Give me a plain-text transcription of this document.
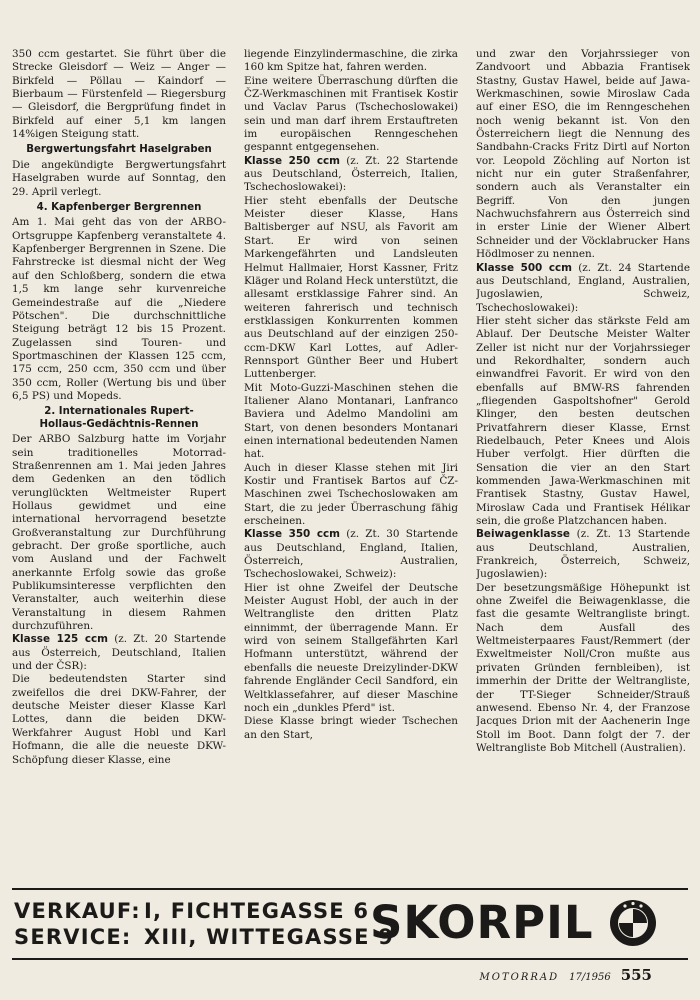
350 ccm gestartet. Sie führt über die Strecke Gleisdorf — Weiz — Anger — Birkfeld — Pöllau — Kaindorf — Bierbaum — Fürstenfeld — Riegersburg — Gleisdorf, die Bergprüfung findet in Birkfeld auf einer 5,1 km langen 14%igen Steigung statt.

Bergwertungsfahrt Haselgraben

Die angekündigte Bergwertungsfahrt Haselgraben wurde auf Sonntag, den 29. April verlegt.

4. Kapfenberger Bergrennen

Am 1. Mai geht das von der ARBO-Ortsgruppe Kapfenberg veranstaltete 4. Kapfenberger Bergrennen in Szene. Die Fahrstrecke ist diesmal nicht der Weg auf den Schloßberg, sondern die etwa 1,5 km lange sehr kurvenreiche Gemeindestraße auf die „Niedere Pötschen". Die durchschnittliche Steigung beträgt 12 bis 15 Prozent. Zugelassen sind Touren- und Sportmaschinen der Klassen 125 ccm, 175 ccm, 250 ccm, 350 ccm und über 350 ccm, Roller (Wertung bis und über 6,5 PS) und Mopeds.

2. Internationales Rupert-
Hollaus-Gedächtnis-Rennen

Der ARBO Salzburg hatte im Vorjahr sein traditionelles Motorrad-Straßenrennen am 1. Mai jeden Jahres dem Gedenken an den tödlich verunglückten Weltmeister Rupert Hollaus gewidmet und eine international hervorragend besetzte Großveranstaltung zur Durchführung gebracht. Der große sportliche, auch vom Ausland und der Fachwelt anerkannte Erfolg sowie das große Publikumsinteresse verpflichten den Veranstalter, auch weiterhin diese Veranstaltung in diesem Rahmen durchzuführen.

Klasse 125 ccm (z. Zt. 20 Startende aus Österreich, Deutschland, Italien und der ČSR):

Die bedeutendsten Starter sind zweifellos die drei DKW-Fahrer, der deutsche Meister dieser Klasse Karl Lottes, dann die beiden DKW-Werkfahrer August Hobl und Karl Hofmann, die alle die neueste DKW-Schöpfung dieser Klasse, eine

liegende Einzylindermaschine, die zirka 160 km Spitze hat, fahren werden.

Eine weitere Überraschung dürften die ČZ-Werkmaschinen mit Frantisek Kostir und Vaclav Parus (Tschechoslowakei) sein und man darf ihrem Erstauftreten im europäischen Renngeschehen gespannt entgegensehen.

Klasse 250 ccm (z. Zt. 22 Startende aus Deutschland, Österreich, Italien, Tschechoslowakei):

Hier steht ebenfalls der Deutsche Meister dieser Klasse, Hans Baltisberger auf NSU, als Favorit am Start. Er wird von seinen Markengefährten und Landsleuten Helmut Hallmaier, Horst Kassner, Fritz Kläger und Roland Heck unterstützt, die allesamt erstklassige Fahrer sind. An weiteren fahrerisch und technisch erstklassigen Konkurrenten kommen aus Deutschland auf der einzigen 250-ccm-DKW Karl Lottes, auf Adler-Rennsport Günther Beer und Hubert Luttenberger.

Mit Moto-Guzzi-Maschinen stehen die Italiener Alano Montanari, Lanfranco Baviera und Adelmo Mandolini am Start, von denen besonders Montanari einen international bedeutenden Namen hat.

Auch in dieser Klasse stehen mit Jiri Kostir und Frantisek Bartos auf ČZ-Maschinen zwei Tschechoslowaken am Start, die zu jeder Überraschung fähig erscheinen.

Klasse 350 ccm (z. Zt. 30 Startende aus Deutschland, England, Italien, Österreich, Australien, Tschechoslowakei, Schweiz):

Hier ist ohne Zweifel der Deutsche Meister August Hobl, der auch in der Weltrangliste den dritten Platz einnimmt, der überragende Mann. Er wird von seinem Stallgefährten Karl Hofmann unterstützt, während der ebenfalls die neueste Dreizylinder-DKW fahrende Engländer Cecil Sandford, ein Weltklassefahrer, auf dieser Maschine noch ein „dunkles Pferd" ist.

Diese Klasse bringt wieder Tschechen an den Start,

und zwar den Vorjahrssieger von Zandvoort und Abbazia Frantisek Stastny, Gustav Hawel, beide auf Jawa-Werkmaschinen, sowie Miroslaw Cada auf einer ESO, die im Renngeschehen noch wenig bekannt ist. Von den Österreichern liegt die Nennung des Sandbahn-Cracks Fritz Dirtl auf Norton vor. Leopold Zöchling auf Norton ist nicht nur ein guter Straßenfahrer, sondern auch als Veranstalter ein Begriff. Von den jungen Nachwuchsfahrern aus Österreich sind in erster Linie der Wiener Albert Schneider und der Vöcklabrucker Hans Hödlmoser zu nennen.

Klasse 500 ccm (z. Zt. 24 Startende aus Deutschland, England, Australien, Jugoslawien, Schweiz, Tschechoslowakei):

Hier steht sicher das stärkste Feld am Ablauf. Der Deutsche Meister Walter Zeller ist nicht nur der Vorjahrssieger und Rekordhalter, sondern auch einwandfrei Favorit. Er wird von den ebenfalls auf BMW-RS fahrenden „fliegenden Gaspoltshofner" Gerold Klinger, den besten deutschen Privatfahrern dieser Klasse, Ernst Riedelbauch, Peter Knees und Alois Huber verfolgt. Hier dürften die Sensation die vier an den Start kommenden Jawa-Werkmaschinen mit Frantisek Stastny, Gustav Hawel, Miroslaw Cada und Frantisek Hélikar sein, die große Platzchancen haben.

Beiwagenklasse (z. Zt. 13 Startende aus Deutschland, Australien, Frankreich, Österreich, Schweiz, Jugoslawien):

Der besetzungsmäßige Höhepunkt ist ohne Zweifel die Beiwagenklasse, die fast die gesamte Weltrangliste bringt. Nach dem Ausfall des Weltmeisterpaares Faust/Remmert (der Exweltmeister Noll/Cron mußte aus privaten Gründen fernbleiben), ist immerhin der Dritte der Weltrangliste, der TT-Sieger Schneider/Strauß anwesend. Ebenso Nr. 4, der Franzose Jacques Drion mit der Aachenerin Inge Stoll im Boot. Dann folgt der 7. der Weltrangliste Bob Mitchell (Australien).

VERKAUF: I, FICHTEGASSE 6
SERVICE: XIII, WITTEGASSE 9
SKORPIL
MOTORRAD 17/1956 555
